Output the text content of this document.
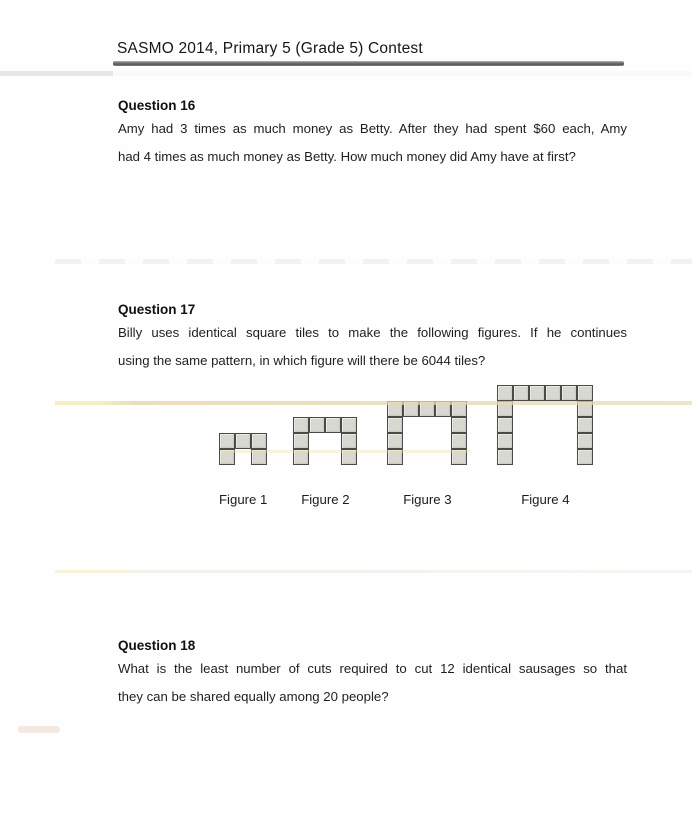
SASMO 2014, Primary 5 (Grade 5) Contest
Question 16
Amy had 3 times as much money as Betty. After they had spent $60 each, Amy
had 4 times as much money as Betty. How much money did Amy have at first?
Question 17
Billy uses identical square tiles to make the following figures. If he continues
using the same pattern, in which figure will there be 6044 tiles?
Figure 1	Figure 2	Figure 3	Figure 4
Question 18
What is the least number of cuts required to cut 12 identical sausages so that
they can be shared equally among 20 people?
